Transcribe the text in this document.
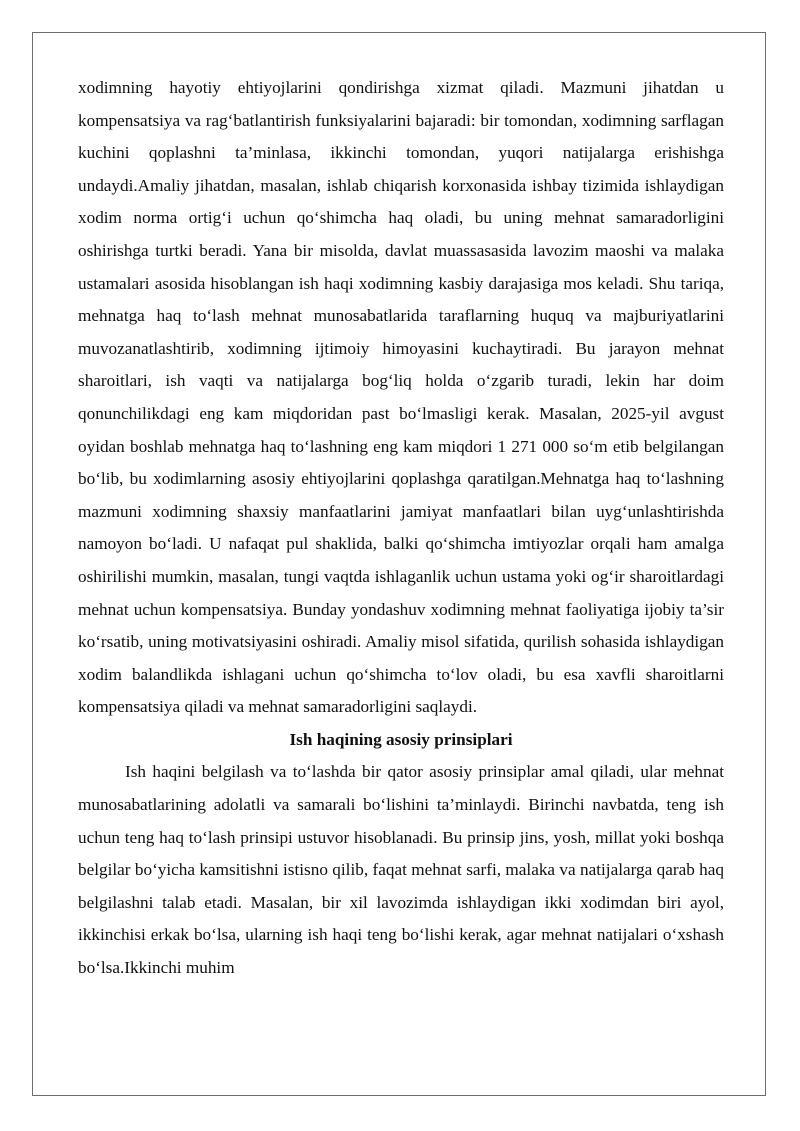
xodimning hayotiy ehtiyojlarini qondirishga xizmat qiladi. Mazmuni jihatdan u kompensatsiya va rag‘batlantirish funksiyalarini bajaradi: bir tomondan, xodimning sarflagan kuchini qoplashni ta’minlasa, ikkinchi tomondan, yuqori natijalarga erishishga undaydi.Amaliy jihatdan, masalan, ishlab chiqarish korxonasida ishbay tizimida ishlaydigan xodim norma ortig‘i uchun qo‘shimcha haq oladi, bu uning mehnat samaradorligini oshirishga turtki beradi. Yana bir misolda, davlat muassasasida lavozim maoshi va malaka ustamalari asosida hisoblangan ish haqi xodimning kasbiy darajasiga mos keladi. Shu tariqa, mehnatga haq to‘lash mehnat munosabatlarida taraflarning huquq va majburiyatlarini muvozanatlashtirib, xodimning ijtimoiy himoyasini kuchaytiradi. Bu jarayon mehnat sharoitlari, ish vaqti va natijalarga bog‘liq holda o‘zgarib turadi, lekin har doim qonunchilikdagi eng kam miqdoridan past bo‘lmasligi kerak. Masalan, 2025-yil avgust oyidan boshlab mehnatga haq to‘lashning eng kam miqdori 1 271 000 so‘m etib belgilangan bo‘lib, bu xodimlarning asosiy ehtiyojlarini qoplashga qaratilgan.Mehnatga haq to‘lashning mazmuni xodimning shaxsiy manfaatlarini jamiyat manfaatlari bilan uyg‘unlashtirishda namoyon bo‘ladi. U nafaqat pul shaklida, balki qo‘shimcha imtiyozlar orqali ham amalga oshirilishi mumkin, masalan, tungi vaqtda ishlaganlik uchun ustama yoki og‘ir sharoitlardagi mehnat uchun kompensatsiya. Bunday yondashuv xodimning mehnat faoliyatiga ijobiy ta’sir ko‘rsatib, uning motivatsiyasini oshiradi. Amaliy misol sifatida, qurilish sohasida ishlaydigan xodim balandlikda ishlagani uchun qo‘shimcha to‘lov oladi, bu esa xavfli sharoitlarni kompensatsiya qiladi va mehnat samaradorligini saqlaydi.

Ish haqining asosiy prinsiplari

Ish haqini belgilash va to‘lashda bir qator asosiy prinsiplar amal qiladi, ular mehnat munosabatlarining adolatli va samarali bo‘lishini ta’minlaydi. Birinchi navbatda, teng ish uchun teng haq to‘lash prinsipi ustuvor hisoblanadi. Bu prinsip jins, yosh, millat yoki boshqa belgilar bo‘yicha kamsitishni istisno qilib, faqat mehnat sarfi, malaka va natijalarga qarab haq belgilashni talab etadi. Masalan, bir xil lavozimda ishlaydigan ikki xodimdan biri ayol, ikkinchisi erkak bo‘lsa, ularning ish haqi teng bo‘lishi kerak, agar mehnat natijalari o‘xshash bo‘lsa.Ikkinchi muhim
